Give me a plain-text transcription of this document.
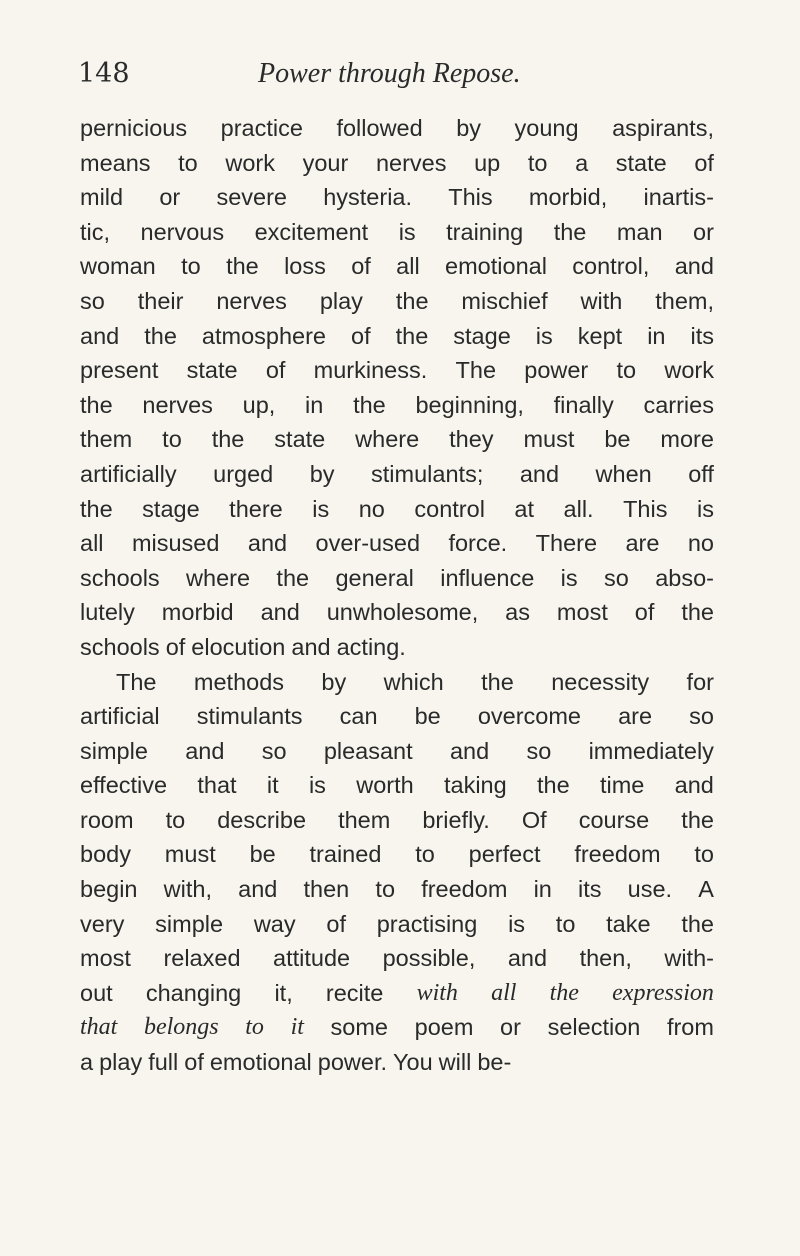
148	Power through Repose.
pernicious practice followed by young aspirants,
means to work your nerves up to a state of
mild or severe hysteria. This morbid, inartis-
tic, nervous excitement is training the man or
woman to the loss of all emotional control, and
so their nerves play the mischief with them,
and the atmosphere of the stage is kept in its
present state of murkiness. The power to work
the nerves up, in the beginning, finally carries
them to the state where they must be more
artificially urged by stimulants; and when off
the stage there is no control at all. This is
all misused and over-used force. There are no
schools where the general influence is so abso-
lutely morbid and unwholesome, as most of the
schools of elocution and acting.
The methods by which the necessity for
artificial stimulants can be overcome are so
simple and so pleasant and so immediately
effective that it is worth taking the time and
room to describe them briefly. Of course the
body must be trained to perfect freedom to
begin with, and then to freedom in its use. A
very simple way of practising is to take the
most relaxed attitude possible, and then, with-
out changing it, recite with all the expression
that belongs to it some poem or selection from
a play full of emotional power. You will be-
